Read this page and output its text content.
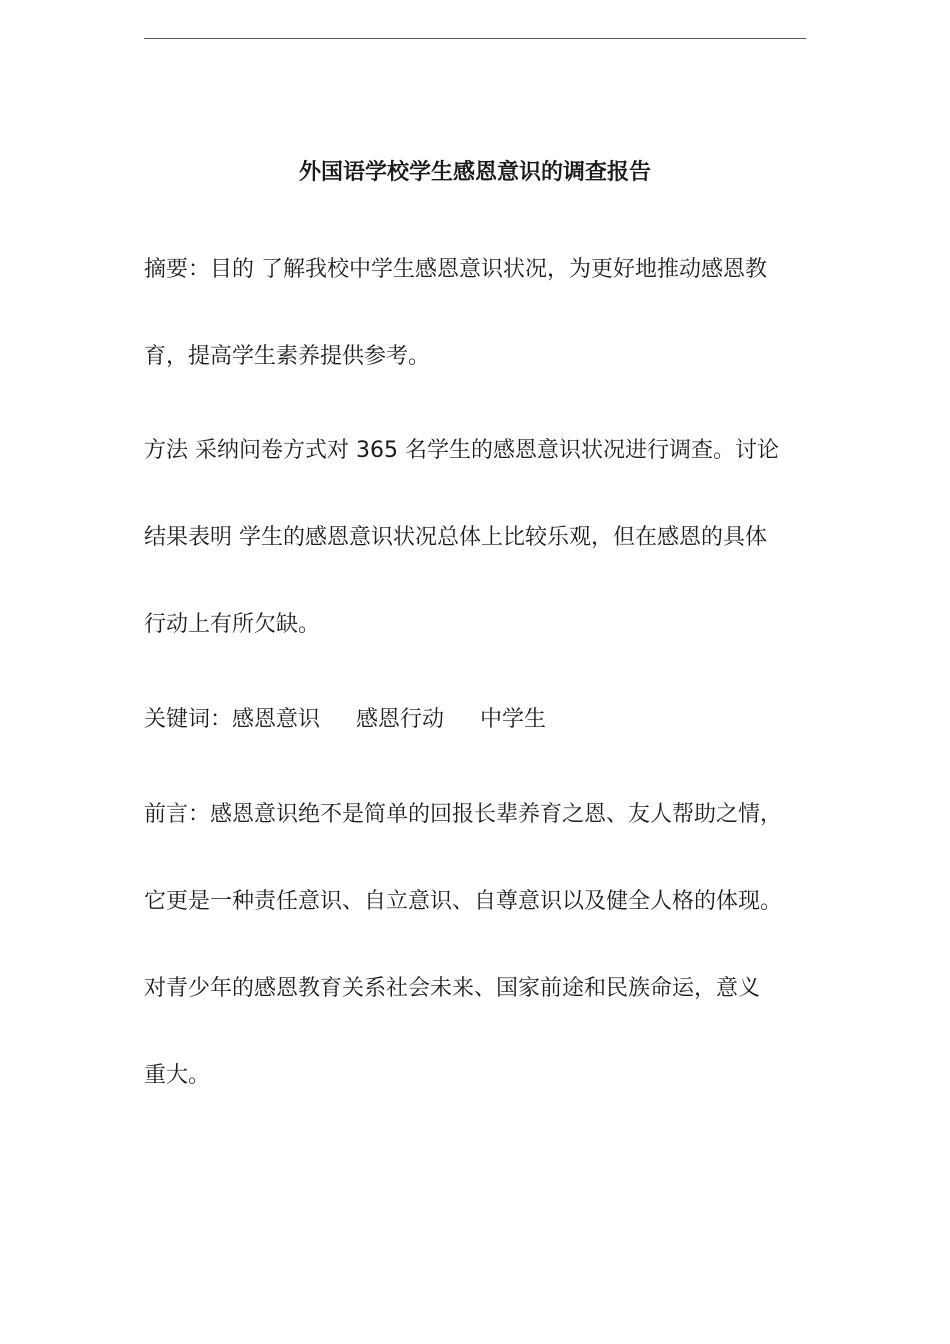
外国语学校学生感恩意识的调查报告
摘要：目的 了解我校中学生感恩意识状况，为更好地推动感恩教
育，提高学生素养提供参考。
方法 采纳问卷方式对 365 名学生的感恩意识状况进行调查。讨论
结果表明 学生的感恩意识状况总体上比较乐观，但在感恩的具体
行动上有所欠缺。
关键词：感恩意识 感恩行动 中学生
前言：感恩意识绝不是简单的回报长辈养育之恩、友人帮助之情，
它更是一种责任意识、自立意识、自尊意识以及健全人格的体现。
对青少年的感恩教育关系社会未来、国家前途和民族命运，意义
重大。
